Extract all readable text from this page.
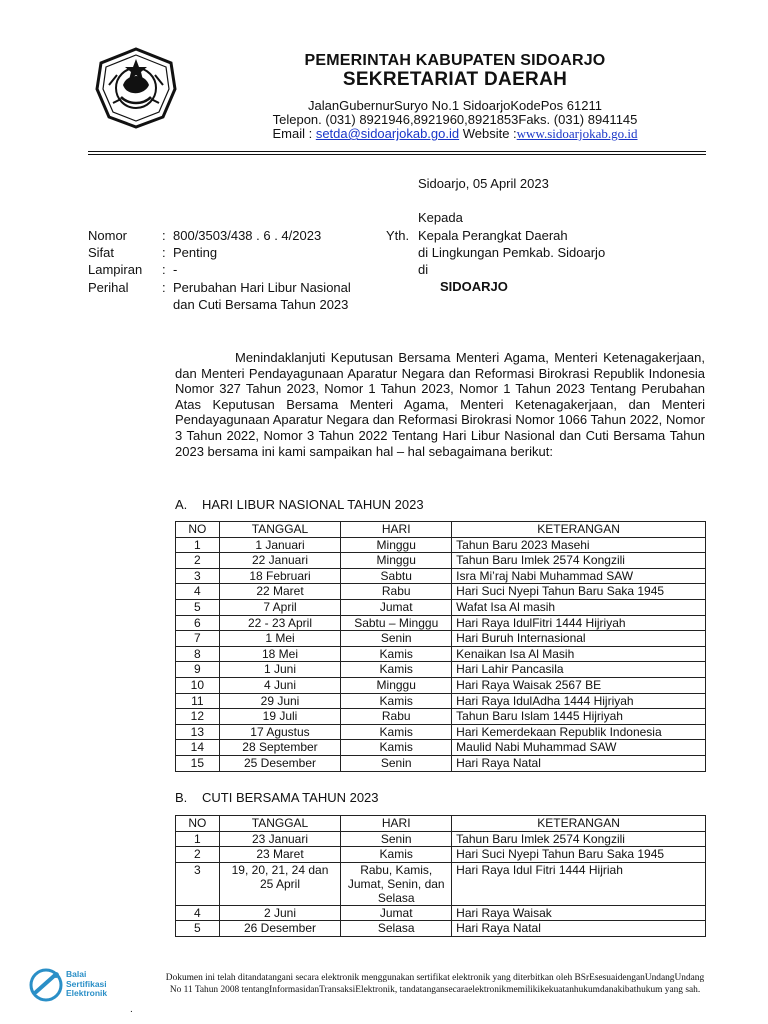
PEMERINTAH KABUPATEN SIDOARJO
SEKRETARIAT DAERAH
JalanGubernurSuryo No.1 SidoarjoKodePos 61211
Telepon. (031) 8921946,8921960,8921853Faks. (031) 8941145
Email : setda@sidoarjokab.go.id Website :www.sidoarjokab.go.id
Sidoarjo, 05 April 2023
Kepada
Yth. Kepala Perangkat Daerah
di Lingkungan Pemkab. Sidoarjo
di
SIDOARJO
Nomor	: 800/3503/438 . 6 . 4/2023
Sifat	: Penting
Lampiran : -
Perihal	: Perubahan Hari Libur Nasional
dan Cuti Bersama Tahun 2023

Menindaklanjuti Keputusan Bersama Menteri Agama, Menteri Ketenagakerjaan, dan Menteri Pendayagunaan Aparatur Negara dan Reformasi Birokrasi Republik Indonesia Nomor 327 Tahun 2023, Nomor 1 Tahun 2023, Nomor 1 Tahun 2023 Tentang Perubahan Atas Keputusan Bersama Menteri Agama, Menteri Ketenagakerjaan, dan Menteri Pendayagunaan Aparatur Negara dan Reformasi Birokrasi Nomor 1066 Tahun 2022, Nomor 3 Tahun 2022, Nomor 3 Tahun 2022 Tentang Hari Libur Nasional dan Cuti Bersama Tahun 2023 bersama ini kami sampaikan hal – hal sebagaimana berikut:

A. HARI LIBUR NASIONAL TAHUN 2023
NO	TANGGAL	HARI	KETERANGAN
1	1 Januari	Minggu	Tahun Baru 2023 Masehi
2	22 Januari	Minggu	Tahun Baru Imlek 2574 Kongzili
3	18 Februari	Sabtu	Isra Mi’raj Nabi Muhammad SAW
4	22 Maret	Rabu	Hari Suci Nyepi Tahun Baru Saka 1945
5	7 April	Jumat	Wafat Isa Al masih
6	22 - 23 April	Sabtu – Minggu	Hari Raya IdulFitri 1444 Hijriyah
7	1 Mei	Senin	Hari Buruh Internasional
8	18 Mei	Kamis	Kenaikan Isa Al Masih
9	1 Juni	Kamis	Hari Lahir Pancasila
10	4 Juni	Minggu	Hari Raya Waisak 2567 BE
11	29 Juni	Kamis	Hari Raya IdulAdha 1444 Hijriyah
12	19 Juli	Rabu	Tahun Baru Islam 1445 Hijriyah
13	17 Agustus	Kamis	Hari Kemerdekaan Republik Indonesia
14	28 September	Kamis	Maulid Nabi Muhammad SAW
15	25 Desember	Senin	Hari Raya Natal
B. CUTI BERSAMA TAHUN 2023
NO	TANGGAL	HARI	KETERANGAN
1	23 Januari	Senin	Tahun Baru Imlek 2574 Kongzili
2	23 Maret	Kamis	Hari Suci Nyepi Tahun Baru Saka 1945
3	19, 20, 21, 24 dan 25 April	Rabu, Kamis, Jumat, Senin, dan Selasa	Hari Raya Idul Fitri 1444 Hijriah
4	2 Juni	Jumat	Hari Raya Waisak
5	26 Desember	Selasa	Hari Raya Natal
Balai
Sertifikasi
Elektronik
Dokumen ini telah ditandatangani secara elektronik menggunakan sertifikat elektronik yang diterbitkan oleh BSrEsesuaidenganUndangUndang
No 11 Tahun 2008 tentangInformasidanTransaksiElektronik, tandatangansecaraelektronikmemilikikekuatanhukumdanakibathukum yang sah.
.
